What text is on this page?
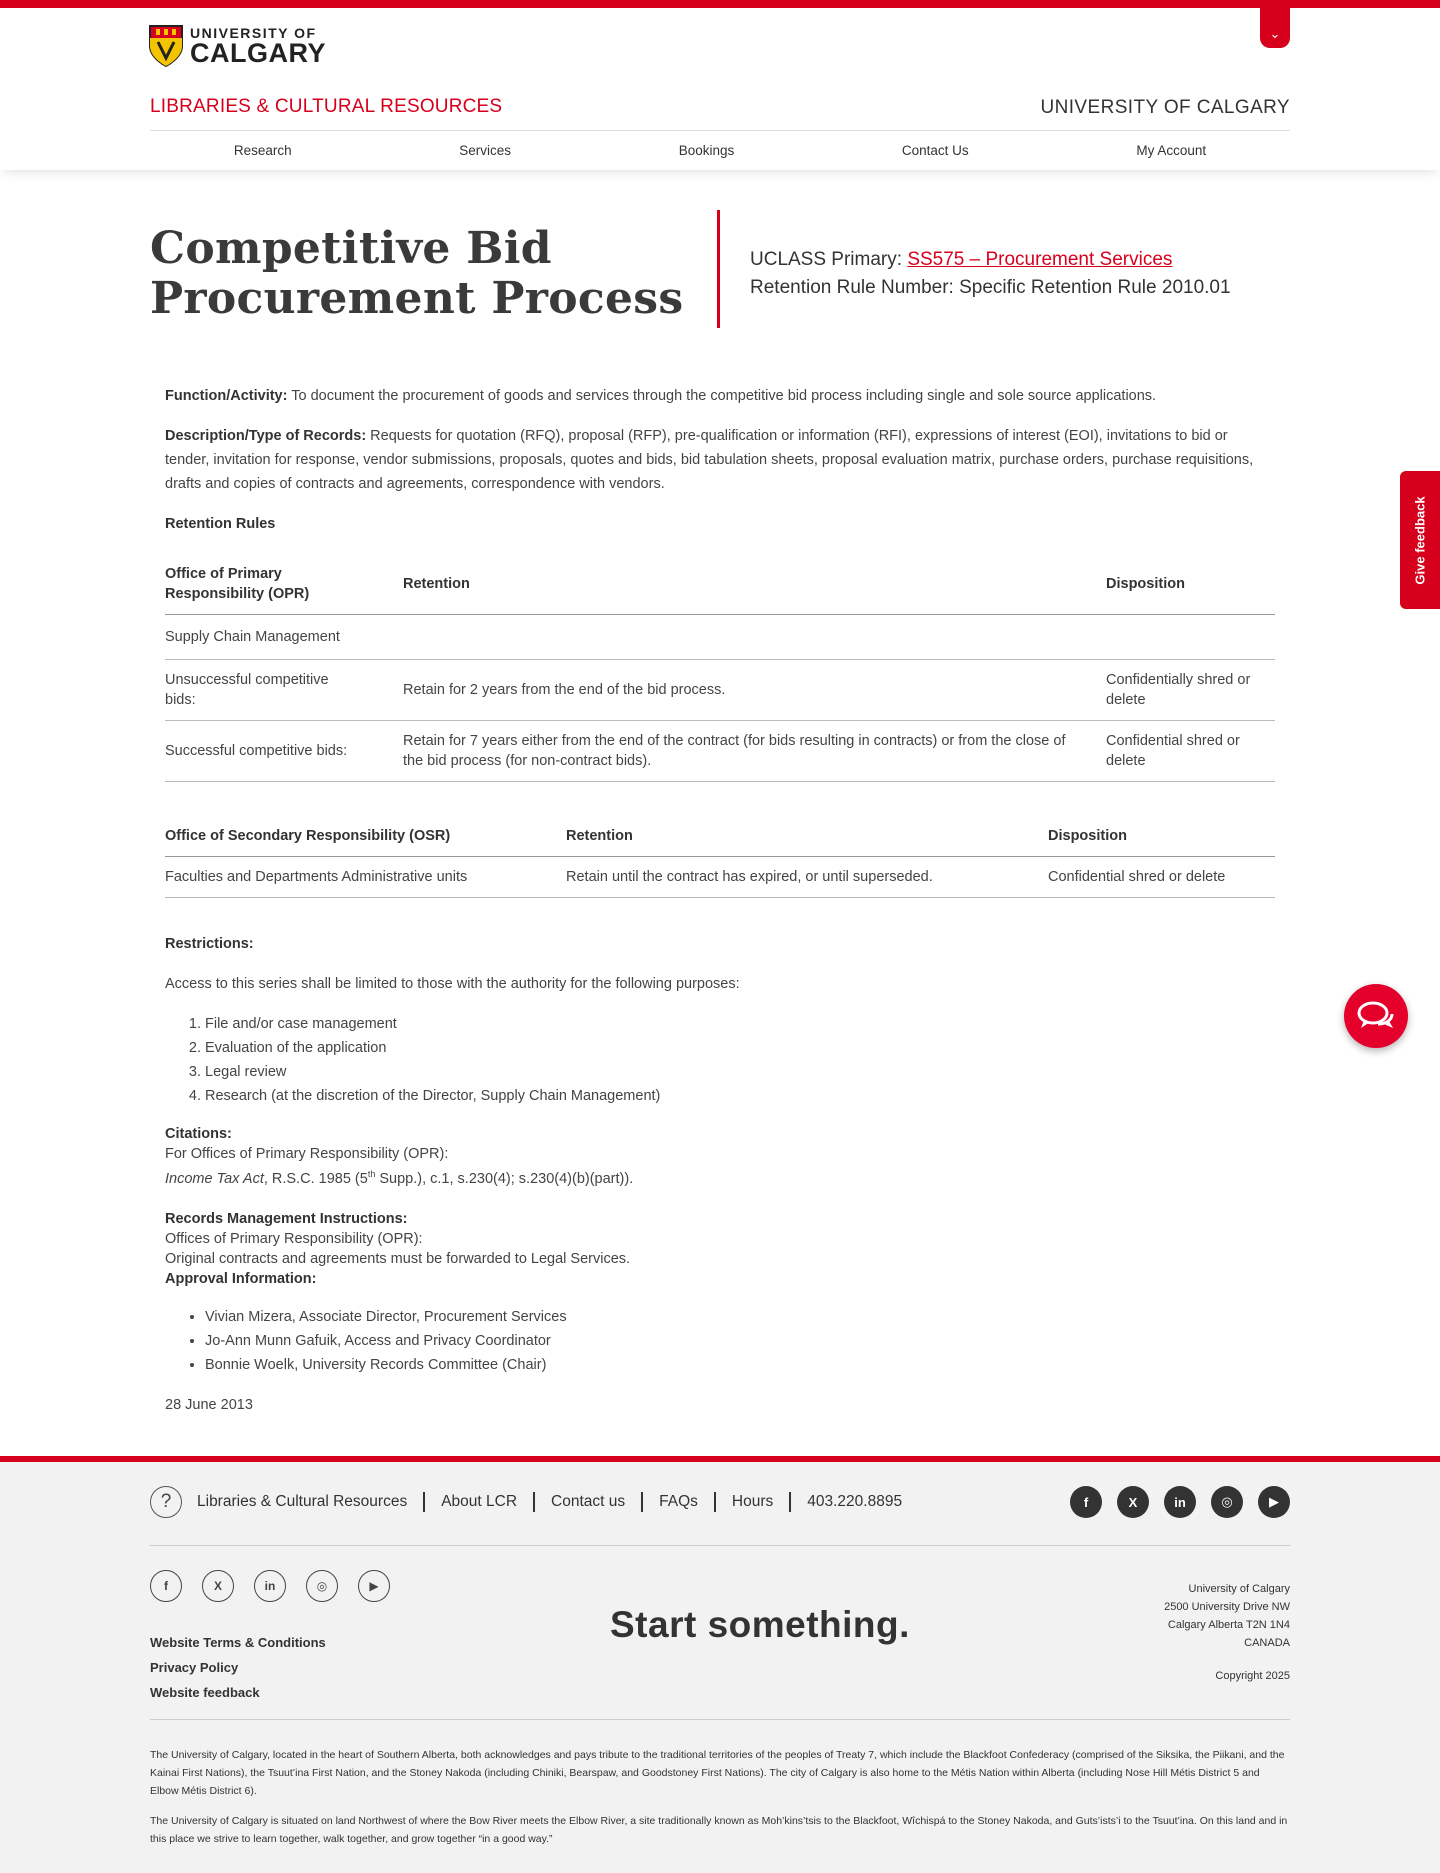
UNIVERSITY OF
CALGARY
⌄
LIBRARIES & CULTURAL RESOURCES	UNIVERSITY OF CALGARY
Research	Services	Bookings	Contact Us	My Account
Competitive Bid
Procurement Process
UCLASS Primary: SS575 – Procurement Services
Retention Rule Number: Specific Retention Rule 2010.01

Function/Activity: To document the procurement of goods and services through the competitive bid process including single and sole source applications.

Description/Type of Records: Requests for quotation (RFQ), proposal (RFP), pre-qualification or information (RFI), expressions of interest (EOI), invitations to bid or tender, invitation for response, vendor submissions, proposals, quotes and bids, bid tabulation sheets, proposal evaluation matrix, purchase orders, purchase requisitions, drafts and copies of contracts and agreements, correspondence with vendors.

Retention Rules

Office of Primary Responsibility (OPR)	Retention	Disposition
Supply Chain Management		
Unsuccessful competitive bids:	Retain for 2 years from the end of the bid process.	Confidentially shred or delete
Successful competitive bids:	Retain for 7 years either from the end of the contract (for bids resulting in contracts) or from the close of the bid process (for non-contract bids).	Confidential shred or delete
Office of Secondary Responsibility (OSR)	Retention	Disposition
Faculties and Departments Administrative units	Retain until the contract has expired, or until superseded.	Confidential shred or delete

Restrictions:

Access to this series shall be limited to those with the authority for the following purposes:

1. File and/or case management
2. Evaluation of the application
3. Legal review
4. Research (at the discretion of the Director, Supply Chain Management)

Citations:

For Offices of Primary Responsibility (OPR):

Income Tax Act, R.S.C. 1985 (5th Supp.), c.1, s.230(4); s.230(4)(b)(part)).

Records Management Instructions:

Offices of Primary Responsibility (OPR):

Original contracts and agreements must be forwarded to Legal Services.

Approval Information:

• Vivian Mizera, Associate Director, Procurement Services
• Jo-Ann Munn Gafuik, Access and Privacy Coordinator
• Bonnie Woelk, University Records Committee (Chair)

28 June 2013

?	Libraries & Cultural Resources	About LCR	Contact us	FAQs	Hours	403.220.8895	f	X	in	◎	▶
f	X	in	◎	▶
Website Terms & Conditions
Privacy Policy
Website feedback
Start something.
University of Calgary
2500 University Drive NW
Calgary Alberta T2N 1N4
CANADA
Copyright 2025

The University of Calgary, located in the heart of Southern Alberta, both acknowledges and pays tribute to the traditional territories of the peoples of Treaty 7, which include the Blackfoot Confederacy (comprised of the Siksika, the Piikani, and the Kainai First Nations), the Tsuut’ina First Nation, and the Stoney Nakoda (including Chiniki, Bearspaw, and Goodstoney First Nations). The city of Calgary is also home to the Métis Nation within Alberta (including Nose Hill Métis District 5 and Elbow Métis District 6).

The University of Calgary is situated on land Northwest of where the Bow River meets the Elbow River, a site traditionally known as Moh’kins’tsis to the Blackfoot, Wîchispá to the Stoney Nakoda, and Guts’ists’i to the Tsuut’ina. On this land and in this place we strive to learn together, walk together, and grow together “in a good way.”

Give feedback
